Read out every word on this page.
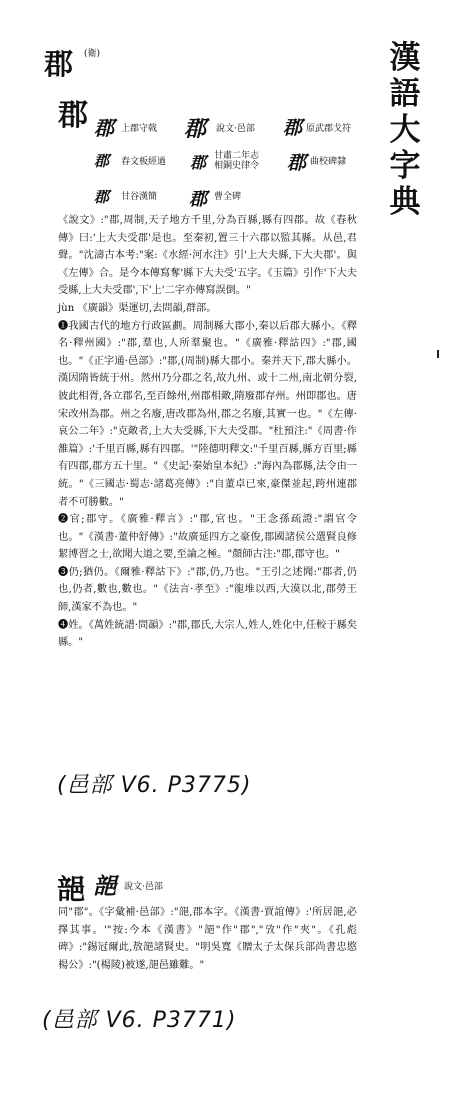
漢
語
大
字
典
郡 (衛)
郡 郡 上郡守戟 郡 說文·邑部 郡 原武郡戈符
郡 春文板經過 郡 甘肅二年志
相銅史律令 郡 曲校碑隸
郡 甘谷漢簡 郡 曹全碑

《說文》:"郡,周制,天子地方千里,分為百縣,縣有四郡。故《春秋傳》曰:'上大夫受郡'是也。至秦初,置三十六郡以監其縣。从邑,君聲。"沈濤古本考:"案:《水經·河水注》引'上大夫縣,下大夫郡'。與《左傳》合。是今本傳寫奪'縣下大夫受'五字。《玉篇》引作'下大夫受縣,上大夫受郡',下'上'二字亦傳寫誤倒。"

jùn 《廣韻》渠運切,去問韻,群部。

❶我國古代的地方行政區劃。周制縣大郡小,秦以后郡大縣小。《釋名·釋州國》:"郡,羣也,人所羣聚也。"《廣雅·釋詁四》:"郡,國也。"《正字通·邑部》:"郡,(周制)縣大郡小。秦并天下,郡大縣小。漢因隋皆統于州。然州乃分郡之名,故九州、或十二州,南北朝分裂,彼此相胥,各立郡名,至百餘州,州郡相敵,隋廢郡存州。州即郡也。唐宋改州為郡。州之名廢,唐改郡為州,郡之名廢,其實一也。"《左傳·哀公二年》:"克敵者,上大夫受縣,下大夫受郡。"杜預注:"《周書·作雒篇》:'千里百縣,縣有四郡。'"陸德明釋文:"千里百縣,縣方百里;縣有四郡,郡方五十里。"《史記·秦始皇本紀》:"海內為郡縣,法令由一統。"《三國志·蜀志·諸葛亮傳》:"自董卓已來,豪傑並起,跨州連郡者不可勝數。"

❷官;郡守。《廣雅·釋言》:"郡,官也。"王念孫疏證:"謂官令也。"《漢書·董仲舒傳》:"故廣延四方之豪俊,郡國諸侯公選賢良修絜博習之士,欲聞大道之要,至論之極。"顏師古注:"郡,郡守也。"

❸仍;猶仍。《爾雅·釋詁下》:"郡,仍,乃也。"王引之述聞:"郡者,仍也,仍者,數也,數也。"《法言·孝至》:"龍堆以西,大漠以北,郡勞王師,漢家不為也。"

❹姓。《萬姓統譜·問韻》:"郡,郡氏,大宗人,姓人,姓化中,任較于縣矣縣。"

(邑部 V6. P3775)
郶 郶 說文·邑部

同"郡"。《字彙補·邑部》:"郶,郡本字。《漢書·賈誼傳》:'所居郶,必擇其事。'"按:今本《漢書》"郶"作"郡","攷"作"夾"。《孔彪碑》:"錫冠爾此,敖郶諸賢史。"明吳寬《贈太子太保兵部尚書忠愍楊公》:"(楊陵)被遂,郶邑雖難。"

(邑部 V6. P3771)
